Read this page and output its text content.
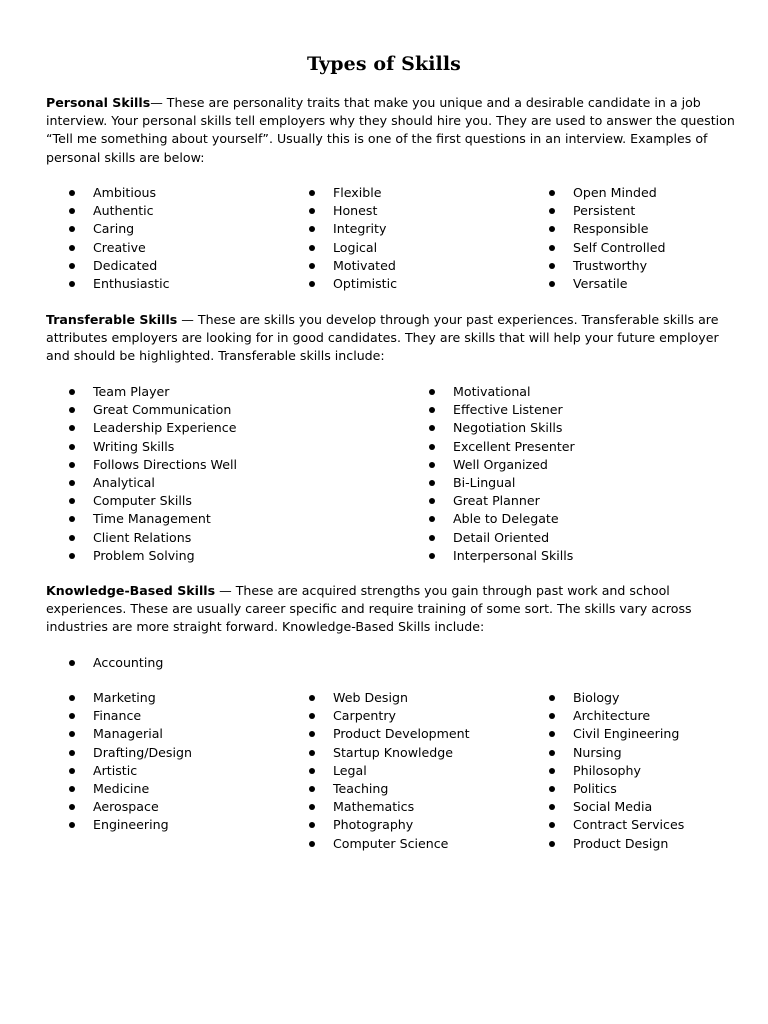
Types of Skills
Personal Skills— These are personality traits that make you unique and a desirable candidate in a job interview. Your personal skills tell employers why they should hire you. They are used to answer the question “Tell me something about yourself”. Usually this is one of the first questions in an interview. Examples of personal skills are below:
Ambitious
Authentic
Caring
Creative
Dedicated
Enthusiastic
Flexible
Honest
Integrity
Logical
Motivated
Optimistic
Open Minded
Persistent
Responsible
Self Controlled
Trustworthy
Versatile
Transferable Skills — These are skills you develop through your past experiences. Transferable skills are attributes employers are looking for in good candidates. They are skills that will help your future employer and should be highlighted. Transferable skills include:
Team Player
Great Communication
Leadership Experience
Writing Skills
Follows Directions Well
Analytical
Computer Skills
Time Management
Client Relations
Problem Solving
Motivational
Effective Listener
Negotiation Skills
Excellent Presenter
Well Organized
Bi-Lingual
Great Planner
Able to Delegate
Detail Oriented
Interpersonal Skills
Knowledge-Based Skills — These are acquired strengths you gain through past work and school experiences. These are usually career specific and require training of some sort. The skills vary across industries are more straight forward. Knowledge-Based Skills include:
Accounting
Marketing
Finance
Managerial
Drafting/Design
Artistic
Medicine
Aerospace
Engineering
Web Design
Carpentry
Product Development
Startup Knowledge
Legal
Teaching
Mathematics
Photography
Computer Science
Biology
Architecture
Civil Engineering
Nursing
Philosophy
Politics
Social Media
Contract Services
Product Design
